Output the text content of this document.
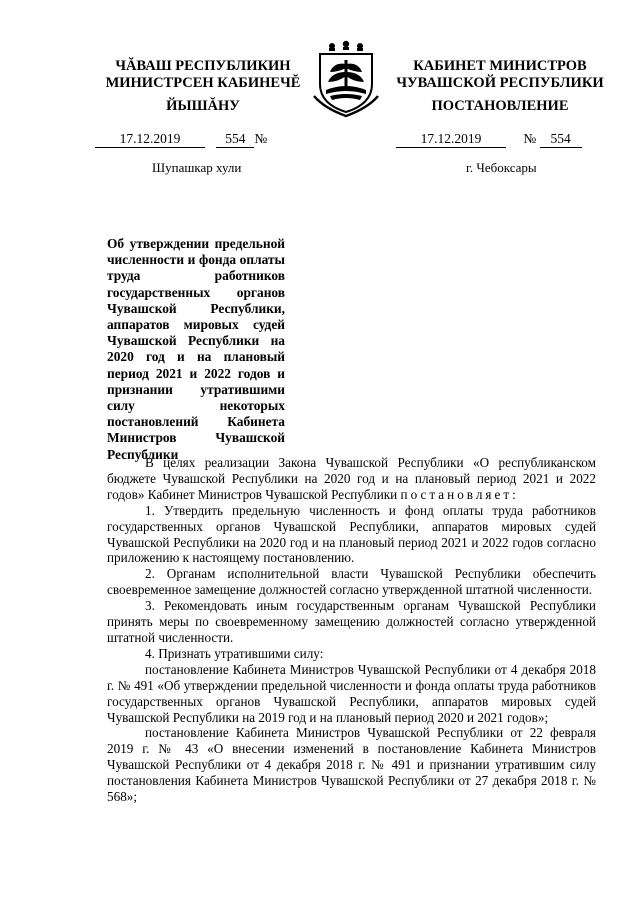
ЧĂВАШ РЕСПУБЛИКИН
МИНИСТРСЕН КАБИНЕЧĔ
КАБИНЕТ МИНИСТРОВ
ЧУВАШСКОЙ РЕСПУБЛИКИ
ЙЫШĂНУ	ПОСТАНОВЛЕНИЕ
17.12.2019	554 №	17.12.2019	№ 554
Шупашкар хули	г. Чебоксары
Об утверждении предельной численности и фонда оплаты труда работников государственных органов Чувашской Республики, аппаратов мировых судей Чувашской Республики на 2020 год и на плановый период 2021 и 2022 годов и признании утратившими силу некоторых постановлений Кабинета Министров Чувашской Республики

В целях реализации Закона Чувашской Республики «О республиканском бюджете Чувашской Республики на 2020 год и на плановый период 2021 и 2022 годов» Кабинет Министров Чувашской Республики постановляет:

1. Утвердить предельную численность и фонд оплаты труда работников государственных органов Чувашской Республики, аппаратов мировых судей Чувашской Республики на 2020 год и на плановый период 2021 и 2022 годов согласно приложению к настоящему постановлению.

2. Органам исполнительной власти Чувашской Республики обеспечить своевременное замещение должностей согласно утвержденной штатной численности.

3. Рекомендовать иным государственным органам Чувашской Республики принять меры по своевременному замещению должностей согласно утвержденной штатной численности.

4. Признать утратившими силу:

постановление Кабинета Министров Чувашской Республики от 4 декабря 2018 г. № 491 «Об утверждении предельной численности и фонда оплаты труда работников государственных органов Чувашской Республики, аппаратов мировых судей Чувашской Республики на 2019 год и на плановый период 2020 и 2021 годов»;

постановление Кабинета Министров Чувашской Республики от 22 февраля 2019 г. № 43 «О внесении изменений в постановление Кабинета Министров Чувашской Республики от 4 декабря 2018 г. № 491 и признании утратившим силу постановления Кабинета Министров Чувашской Республики от 27 декабря 2018 г. № 568»;
